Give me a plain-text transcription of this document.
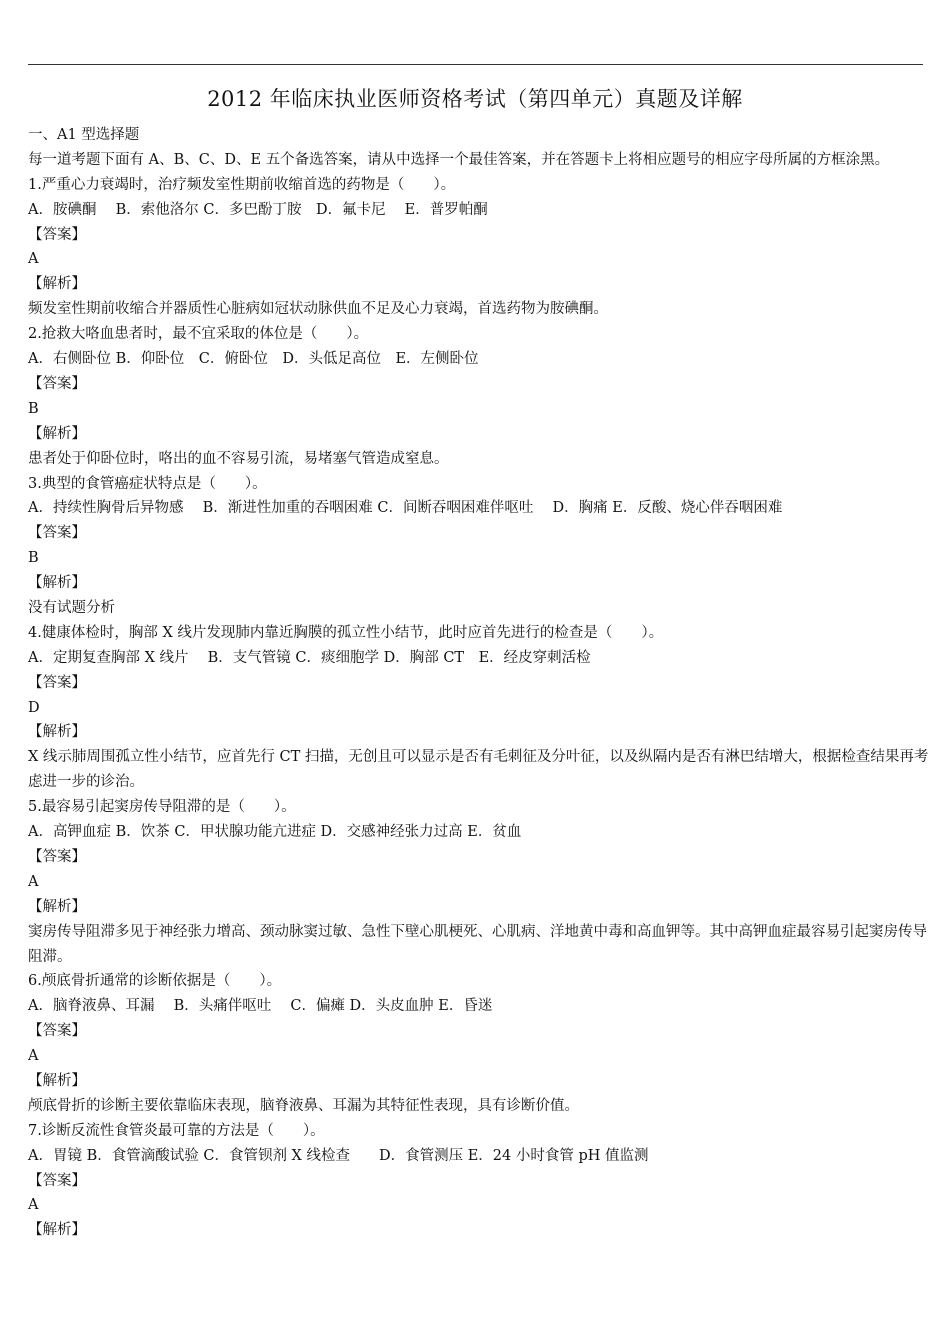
2012 年临床执业医师资格考试（第四单元）真题及详解
一、A1 型选择题
每一道考题下面有 A、B、C、D、E 五个备选答案，请从中选择一个最佳答案，并在答题卡上将相应题号的相应字母所属的方框涂黑。
1.严重心力衰竭时，治疗频发室性期前收缩首选的药物是（　　）。
A．胺碘酮　 B．索他洛尔 C．多巴酚丁胺　D．氟卡尼　 E．普罗帕酮
【答案】
A
【解析】
频发室性期前收缩合并器质性心脏病如冠状动脉供血不足及心力衰竭，首选药物为胺碘酮。
2.抢救大咯血患者时，最不宜采取的体位是（　　）。
A．右侧卧位 B．仰卧位　C．俯卧位　D．头低足高位　E．左侧卧位
【答案】
B
【解析】
患者处于仰卧位时，咯出的血不容易引流，易堵塞气管造成窒息。
3.典型的食管癌症状特点是（　　）。
A．持续性胸骨后异物感　 B．渐进性加重的吞咽困难 C．间断吞咽困难伴呕吐　 D．胸痛 E．反酸、烧心伴吞咽困难
【答案】
B
【解析】
没有试题分析
4.健康体检时，胸部 X 线片发现肺内靠近胸膜的孤立性小结节，此时应首先进行的检查是（　　）。
A．定期复查胸部 X 线片　 B．支气管镜 C．痰细胞学 D．胸部 CT　E．经皮穿刺活检
【答案】
D
【解析】
X 线示肺周围孤立性小结节，应首先行 CT 扫描，无创且可以显示是否有毛刺征及分叶征，以及纵隔内是否有淋巴结增大，根据检查结果再考虑进一步的诊治。
5.最容易引起窦房传导阻滞的是（　　）。
A．高钾血症 B．饮茶 C．甲状腺功能亢进症 D．交感神经张力过高 E．贫血
【答案】
A
【解析】
窦房传导阻滞多见于神经张力增高、颈动脉窦过敏、急性下壁心肌梗死、心肌病、洋地黄中毒和高血钾等。其中高钾血症最容易引起窦房传导阻滞。
6.颅底骨折通常的诊断依据是（　　）。
A．脑脊液鼻、耳漏　 B．头痛伴呕吐　 C．偏瘫 D．头皮血肿 E．昏迷
【答案】
A
【解析】
颅底骨折的诊断主要依靠临床表现，脑脊液鼻、耳漏为其特征性表现，具有诊断价值。
7.诊断反流性食管炎最可靠的方法是（　　）。
A．胃镜 B．食管滴酸试验 C．食管钡剂 X 线检查　　D．食管测压 E．24 小时食管 pH 值监测
【答案】
A
【解析】
